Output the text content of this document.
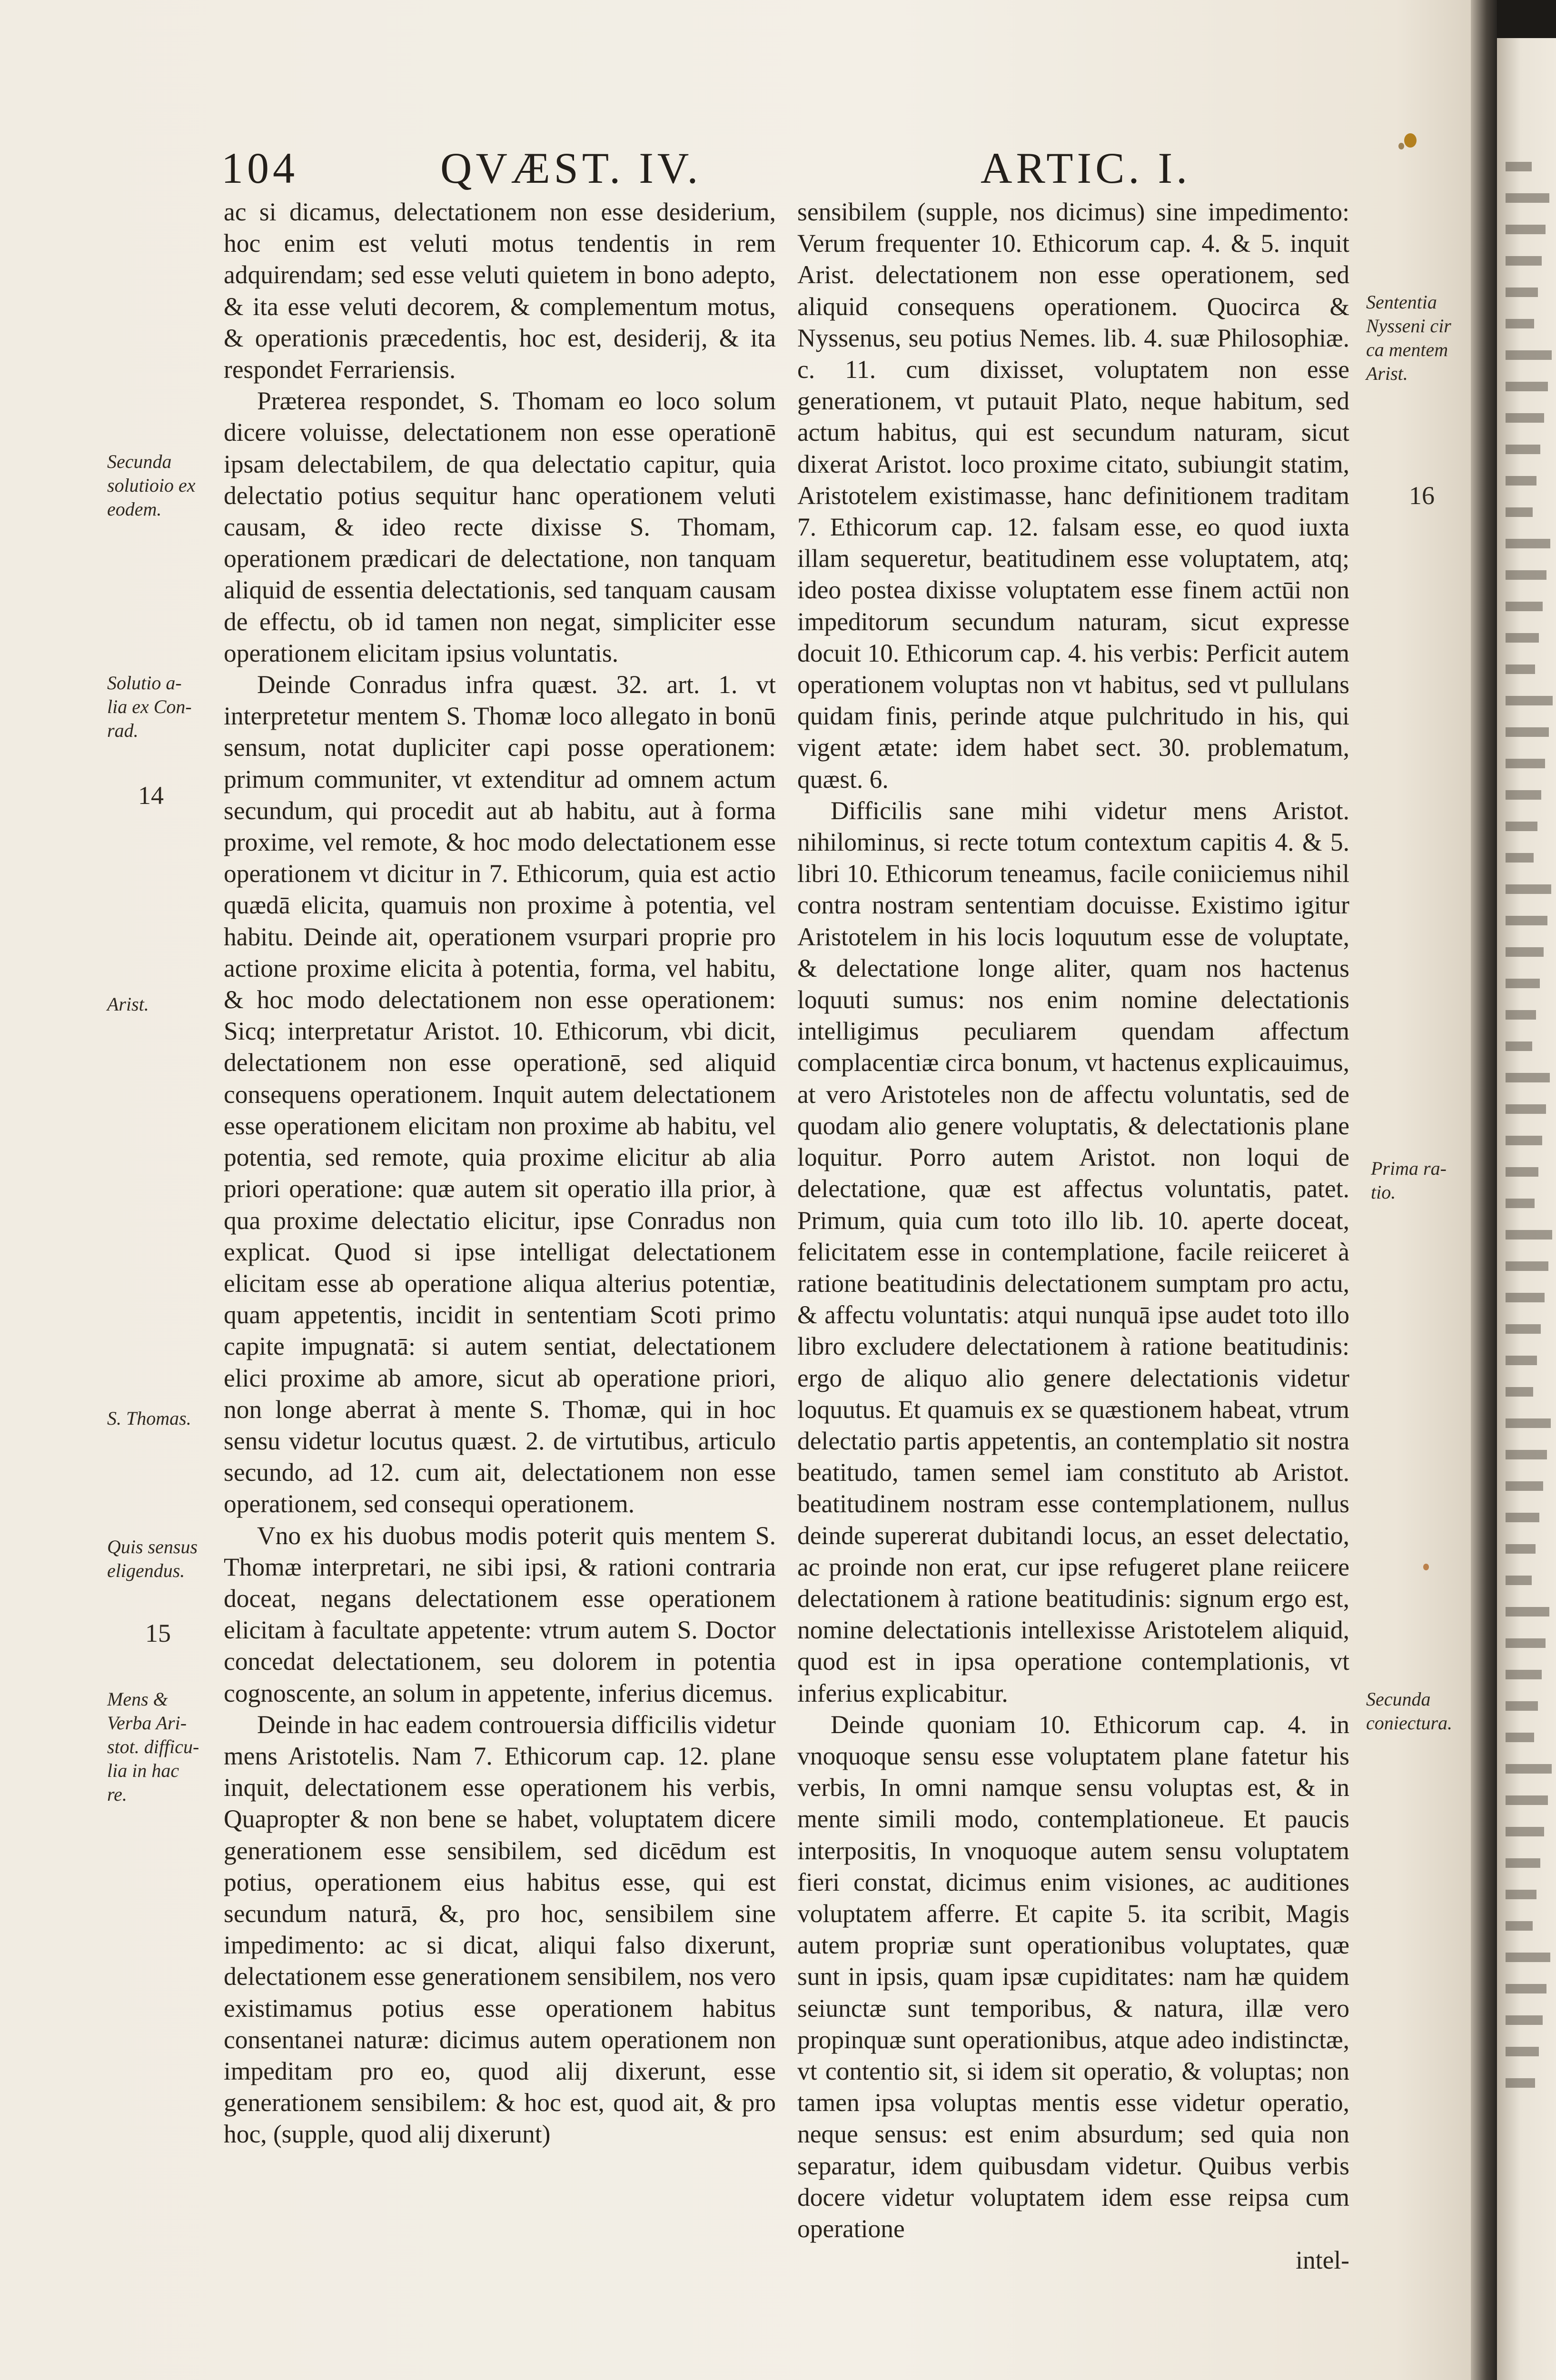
104	QVÆST. IV.	ARTIC. I.

ac si dicamus, delectationem non esse desiderium, hoc enim est veluti motus tendentis in rem adquirendam; sed esse veluti quietem in bono adepto, & ita esse veluti decorem, & complementum motus, & operationis præcedentis, hoc est, desiderij, & ita respondet Ferrariensis.

Præterea respondet, S. Thomam eo loco solum dicere voluisse, delectationem non esse operationē ipsam delectabilem, de qua delectatio capitur, quia delectatio potius sequitur hanc operationem veluti causam, & ideo recte dixisse S. Thomam, operationem prædicari de delectatione, non tanquam aliquid de essentia delectationis, sed tanquam causam de effectu, ob id tamen non negat, simpliciter esse operationem elicitam ipsius voluntatis.

Deinde Conradus infra quæst. 32. art. 1. vt interpretetur mentem S. Thomæ loco allegato in bonū sensum, notat dupliciter capi posse operationem: primum communiter, vt extenditur ad omnem actum secundum, qui procedit aut ab habitu, aut à forma proxime, vel remote, & hoc modo delectationem esse operationem vt dicitur in 7. Ethicorum, quia est actio quædā elicita, quamuis non proxime à potentia, vel habitu. Deinde ait, operationem vsurpari proprie pro actione proxime elicita à potentia, forma, vel habitu, & hoc modo delectationem non esse operationem: Sicq; interpretatur Aristot. 10. Ethicorum, vbi dicit, delectationem non esse operationē, sed aliquid consequens operationem. Inquit autem delectationem esse operationem elicitam non proxime ab habitu, vel potentia, sed remote, quia proxime elicitur ab alia priori operatione: quæ autem sit operatio illa prior, à qua proxime delectatio elicitur, ipse Conradus non explicat. Quod si ipse intelligat delectationem elicitam esse ab operatione aliqua alterius potentiæ, quam appetentis, incidit in sententiam Scoti primo capite impugnatā: si autem sentiat, delectationem elici proxime ab amore, sicut ab operatione priori, non longe aberrat à mente S. Thomæ, qui in hoc sensu videtur locutus quæst. 2. de virtutibus, articulo secundo, ad 12. cum ait, delectationem non esse operationem, sed consequi operationem.

Vno ex his duobus modis poterit quis mentem S. Thomæ interpretari, ne sibi ipsi, & rationi contraria doceat, negans delectationem esse operationem elicitam à facultate appetente: vtrum autem S. Doctor concedat delectationem, seu dolorem in potentia cognoscente, an solum in appetente, inferius dicemus.

Deinde in hac eadem controuersia difficilis videtur mens Aristotelis. Nam 7. Ethicorum cap. 12. plane inquit, delectationem esse operationem his verbis, Quapropter & non bene se habet, voluptatem dicere generationem esse sensibilem, sed dicēdum est potius, operationem eius habitus esse, qui est secundum naturā, &, pro hoc, sensibilem sine impedimento: ac si dicat, aliqui falso dixerunt, delectationem esse generationem sensibilem, nos vero existimamus potius esse operationem habitus consentanei naturæ: dicimus autem operationem non impeditam pro eo, quod alij dixerunt, esse generationem sensibilem: & hoc est, quod ait, & pro hoc, (supple, quod alij dixerunt)

sensibilem (supple, nos dicimus) sine impedimento: Verum frequenter 10. Ethicorum cap. 4. & 5. inquit Arist. delectationem non esse operationem, sed aliquid consequens operationem. Quocirca & Nyssenus, seu potius Nemes. lib. 4. suæ Philosophiæ. c. 11. cum dixisset, voluptatem non esse generationem, vt putauit Plato, neque habitum, sed actum habitus, qui est secundum naturam, sicut dixerat Aristot. loco proxime citato, subiungit statim, Aristotelem existimasse, hanc definitionem traditam 7. Ethicorum cap. 12. falsam esse, eo quod iuxta illam sequeretur, beatitudinem esse voluptatem, atq; ideo postea dixisse voluptatem esse finem actūi non impeditorum secundum naturam, sicut expresse docuit 10. Ethicorum cap. 4. his verbis: Perficit autem operationem voluptas non vt habitus, sed vt pullulans quidam finis, perinde atque pulchritudo in his, qui vigent ætate: idem habet sect. 30. problematum, quæst. 6.

Difficilis sane mihi videtur mens Aristot. nihilominus, si recte totum contextum capitis 4. & 5. libri 10. Ethicorum teneamus, facile coniiciemus nihil contra nostram sententiam docuisse. Existimo igitur Aristotelem in his locis loquutum esse de voluptate, & delectatione longe aliter, quam nos hactenus loquuti sumus: nos enim nomine delectationis intelligimus peculiarem quendam affectum complacentiæ circa bonum, vt hactenus explicauimus, at vero Aristoteles non de affectu voluntatis, sed de quodam alio genere voluptatis, & delectationis plane loquitur. Porro autem Aristot. non loqui de delectatione, quæ est affectus voluntatis, patet. Primum, quia cum toto illo lib. 10. aperte doceat, felicitatem esse in contemplatione, facile reiiceret à ratione beatitudinis delectationem sumptam pro actu, & affectu voluntatis: atqui nunquā ipse audet toto illo libro excludere delectationem à ratione beatitudinis: ergo de aliquo alio genere delectationis videtur loquutus. Et quamuis ex se quæstionem habeat, vtrum delectatio partis appetentis, an contemplatio sit nostra beatitudo, tamen semel iam constituto ab Aristot. beatitudinem nostram esse contemplationem, nullus deinde supererat dubitandi locus, an esset delectatio, ac proinde non erat, cur ipse refugeret plane reiicere delectationem à ratione beatitudinis: signum ergo est, nomine delectationis intellexisse Aristotelem aliquid, quod est in ipsa operatione contemplationis, vt inferius explicabitur.

Deinde quoniam 10. Ethicorum cap. 4. in vnoquoque sensu esse voluptatem plane fatetur his verbis, In omni namque sensu voluptas est, & in mente simili modo, contemplationeue. Et paucis interpositis, In vnoquoque autem sensu voluptatem fieri constat, dicimus enim visiones, ac auditiones voluptatem afferre. Et capite 5. ita scribit, Magis autem propriæ sunt operationibus voluptates, quæ sunt in ipsis, quam ipsæ cupiditates: nam hæ quidem seiunctæ sunt temporibus, & natura, illæ vero propinquæ sunt operationibus, atque adeo indistinctæ, vt contentio sit, si idem sit operatio, & voluptas; non tamen ipsa voluptas mentis esse videtur operatio, neque sensus: est enim absurdum; sed quia non separatur, idem quibusdam videtur. Quibus verbis docere videtur voluptatem idem esse reipsa cum operatione

intel-

Secunda
solutioio ex
eodem.
Solutio a-
lia ex Con-
rad.
14
Arist.
S. Thomas.
Quis sensus
eligendus.
15
Mens &
Verba Ari-
stot. difficu-
lia in hac
re.
Sententia
Nysseni cir
ca mentem
Arist.
16
Prima ra-
tio.
Secunda
coniectura.
